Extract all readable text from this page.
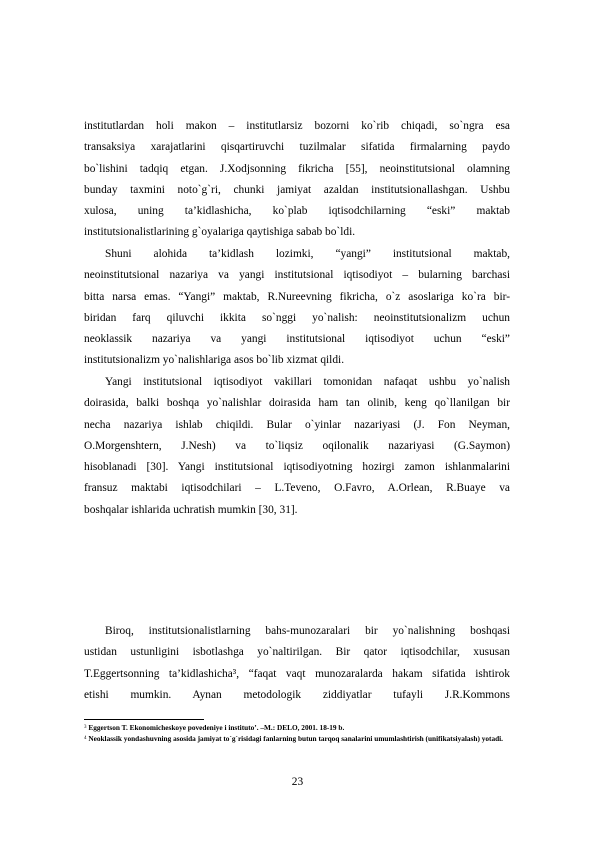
institutlardan holi makon – institutlarsiz bozorni ko`rib chiqadi, so`ngra esa
transaksiya xarajatlarini qisqartiruvchi tuzilmalar sifatida firmalarning paydo
bo`lishini tadqiq etgan. J.Xodjsonning fikricha [55], neoinstitutsional olamning
bunday taxmini noto`g`ri, chunki jamiyat azaldan institutsionallashgan. Ushbu
xulosa, uning ta’kidlashicha, ko`plab iqtisodchilarning “eski” maktab
institutsionalistlarining g`oyalariga qaytishiga sabab bo`ldi.
Shuni alohida ta’kidlash lozimki, “yangi” institutsional maktab,
neoinstitutsional nazariya va yangi institutsional iqtisodiyot – bularning barchasi
bitta narsa emas. “Yangi” maktab, R.Nureevning fikricha, o`z asoslariga ko`ra bir-
biridan farq qiluvchi ikkita so`nggi yo`nalish: neoinstitutsionalizm uchun
neoklassik nazariya va yangi institutsional iqtisodiyot uchun “eski”
institutsionalizm yo`nalishlariga asos bo`lib xizmat qildi.
Yangi institutsional iqtisodiyot vakillari tomonidan nafaqat ushbu yo`nalish
doirasida, balki boshqa yo`nalishlar doirasida ham tan olinib, keng qo`llanilgan bir
necha nazariya ishlab chiqildi. Bular o`yinlar nazariyasi (J. Fon Neyman,
O.Morgenshtern, J.Nesh) va to`liqsiz oqilonalik nazariyasi (G.Saymon)
hisoblanadi [30]. Yangi institutsional iqtisodiyotning hozirgi zamon ishlanmalarini
fransuz maktabi iqtisodchilari – L.Teveno, O.Favro, A.Orlean, R.Buaye va
boshqalar ishlarida uchratish mumkin [30, 31].
Biroq, institutsionalistlarning bahs-munozaralari bir yo`nalishning boshqasi
ustidan ustunligini isbotlashga yo`naltirilgan. Bir qator iqtisodchilar, xususan
T.Eggertsonning ta’kidlashicha³, “faqat vaqt munozaralarda hakam sifatida ishtirok
etishi mumkin. Aynan metodologik ziddiyatlar tufayli J.R.Kommons
$^3$ Eggertson T. Ekonomicheskoye povedeniye i instituto’. –M.: DELO, 2001. 18-19 b.
$^4$ Neoklassik yondashuvning asosida jamiyat to`g`risidagi fanlarning butun tarqoq sanalarini umumlashtirish (unifikatsiyalash) yotadi.
23
